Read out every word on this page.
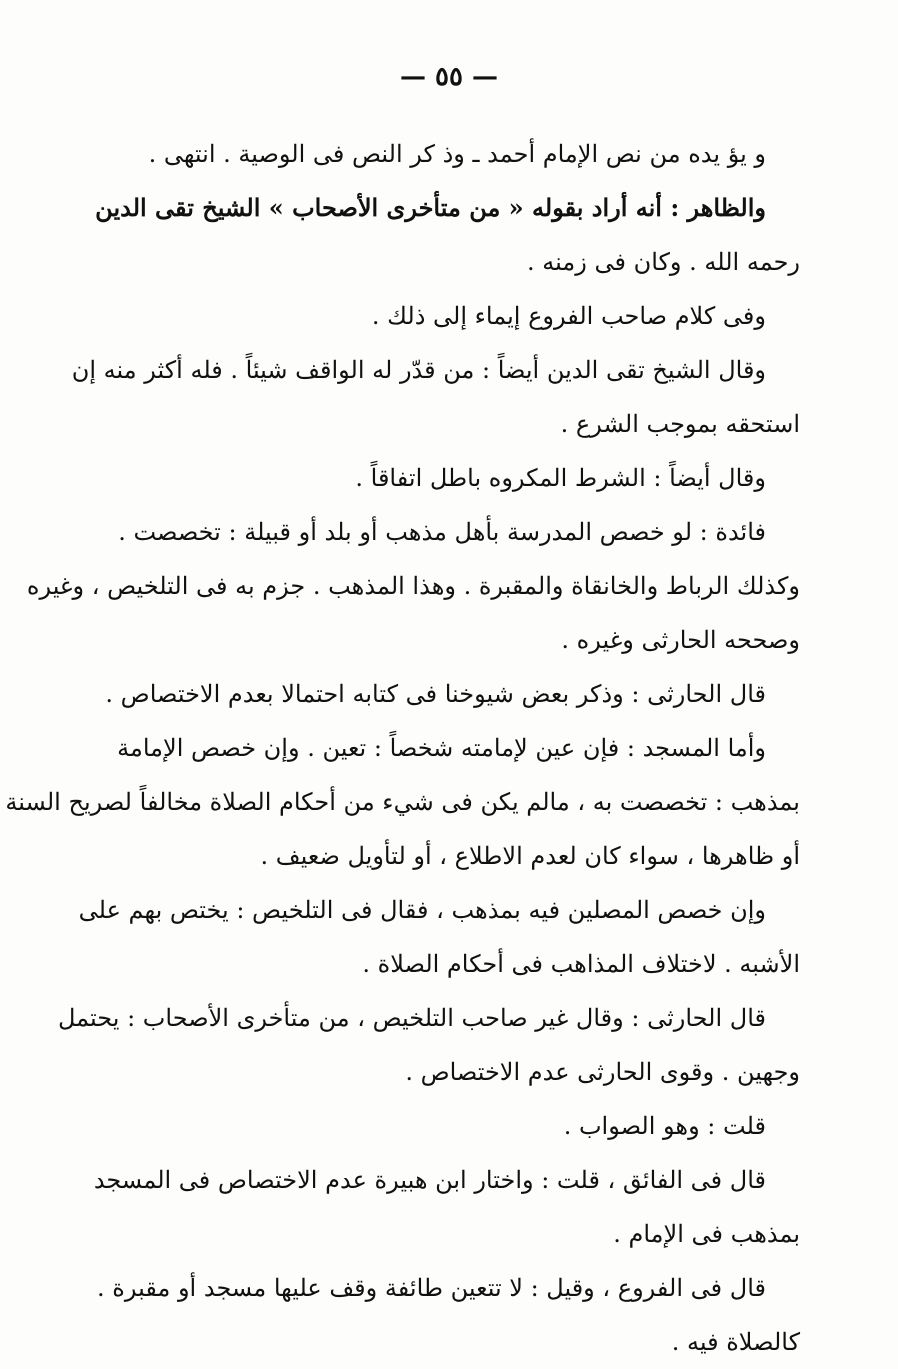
— ٥٥ —
و يؤ يده من نص الإمام أحمد ـ وذ كر النص فى الوصية . انتهى .
والظاهر : أنه أراد بقوله « من متأخرى الأصحاب » الشيخ تقى الدين
رحمه الله . وكان فى زمنه .
وفى كلام صاحب الفروع إيماء إلى ذلك .
وقال الشيخ تقى الدين أيضاً : من قدّر له الواقف شيئاً . فله أكثر منه إن
استحقه بموجب الشرع .
وقال أيضاً : الشرط المكروه باطل اتفاقاً .
فائدة : لو خصص المدرسة بأهل مذهب أو بلد أو قبيلة : تخصصت .
وكذلك الرباط والخانقاة والمقبرة . وهذا المذهب . جزم به فى التلخيص ، وغيره
وصححه الحارثى وغيره .
قال الحارثى : وذكر بعض شيوخنا فى كتابه احتمالا بعدم الاختصاص .
وأما المسجد : فإن عين لإمامته شخصاً : تعين . وإن خصص الإمامة
بمذهب : تخصصت به ، مالم يكن فى شيء من أحكام الصلاة مخالفاً لصريح السنة
أو ظاهرها ، سواء كان لعدم الاطلاع ، أو لتأويل ضعيف .
وإن خصص المصلين فيه بمذهب ، فقال فى التلخيص : يختص بهم على
الأشبه . لاختلاف المذاهب فى أحكام الصلاة .
قال الحارثى : وقال غير صاحب التلخيص ، من متأخرى الأصحاب : يحتمل
وجهين . وقوى الحارثى عدم الاختصاص .
قلت : وهو الصواب .
قال فى الفائق ، قلت : واختار ابن هبيرة عدم الاختصاص فى المسجد
بمذهب فى الإمام .
قال فى الفروع ، وقيل : لا تتعين طائفة وقف عليها مسجد أو مقبرة .
كالصلاة فيه .
